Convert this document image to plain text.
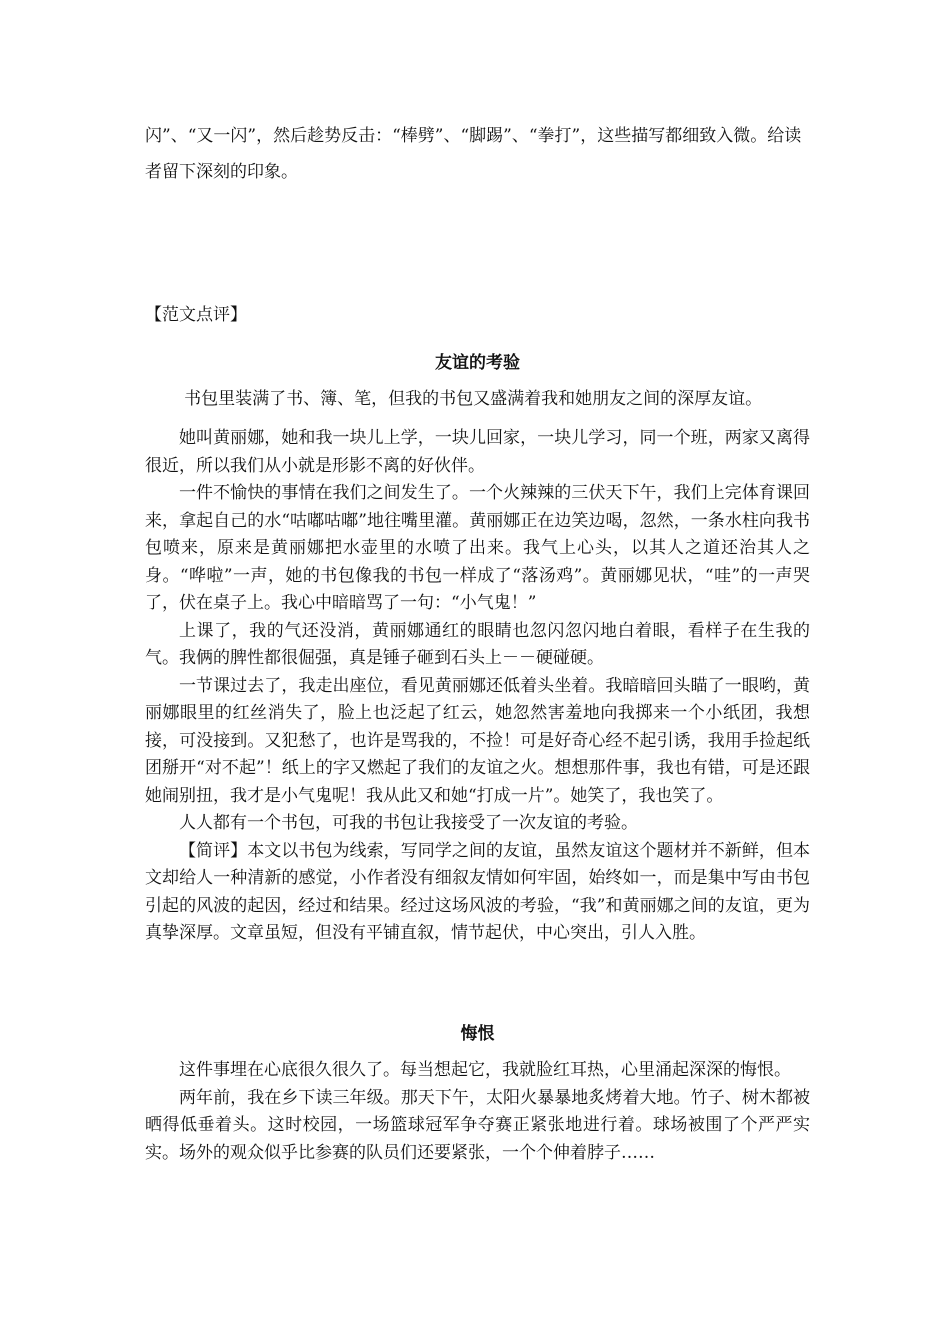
闪”、“又一闪”，然后趁势反击：“棒劈”、“脚踢”、“拳打”，这些描写都细致入微。给读者留下深刻的印象。

【范文点评】

友谊的考验

书包里装满了书、簿、笔，但我的书包又盛满着我和她朋友之间的深厚友谊。

她叫黄丽娜，她和我一块儿上学，一块儿回家，一块儿学习，同一个班，两家又离得很近，所以我们从小就是形影不离的好伙伴。

一件不愉快的事情在我们之间发生了。一个火辣辣的三伏天下午，我们上完体育课回来，拿起自己的水“咕嘟咕嘟”地往嘴里灌。黄丽娜正在边笑边喝，忽然，一条水柱向我书包喷来，原来是黄丽娜把水壶里的水喷了出来。我气上心头，以其人之道还治其人之身。“哗啦”一声，她的书包像我的书包一样成了“落汤鸡”。黄丽娜见状，“哇”的一声哭了，伏在桌子上。我心中暗暗骂了一句：“小气鬼！”

上课了，我的气还没消，黄丽娜通红的眼睛也忽闪忽闪地白着眼，看样子在生我的气。我俩的脾性都很倔强，真是锤子砸到石头上－－硬碰硬。

一节课过去了，我走出座位，看见黄丽娜还低着头坐着。我暗暗回头瞄了一眼哟，黄丽娜眼里的红丝消失了，脸上也泛起了红云，她忽然害羞地向我掷来一个小纸团，我想接，可没接到。又犯愁了，也许是骂我的，不捡！可是好奇心经不起引诱，我用手捡起纸团掰开“对不起”！纸上的字又燃起了我们的友谊之火。想想那件事，我也有错，可是还跟她闹别扭，我才是小气鬼呢！我从此又和她“打成一片”。她笑了，我也笑了。

人人都有一个书包，可我的书包让我接受了一次友谊的考验。

【简评】本文以书包为线索，写同学之间的友谊，虽然友谊这个题材并不新鲜，但本文却给人一种清新的感觉，小作者没有细叙友情如何牢固，始终如一，而是集中写由书包引起的风波的起因，经过和结果。经过这场风波的考验，“我”和黄丽娜之间的友谊，更为真挚深厚。文章虽短，但没有平铺直叙，情节起伏，中心突出，引人入胜。

悔恨

这件事埋在心底很久很久了。每当想起它，我就脸红耳热，心里涌起深深的悔恨。

两年前，我在乡下读三年级。那天下午，太阳火暴暴地炙烤着大地。竹子、树木都被晒得低垂着头。这时校园，一场篮球冠军争夺赛正紧张地进行着。球场被围了个严严实实。场外的观众似乎比参赛的队员们还要紧张，一个个伸着脖子……
